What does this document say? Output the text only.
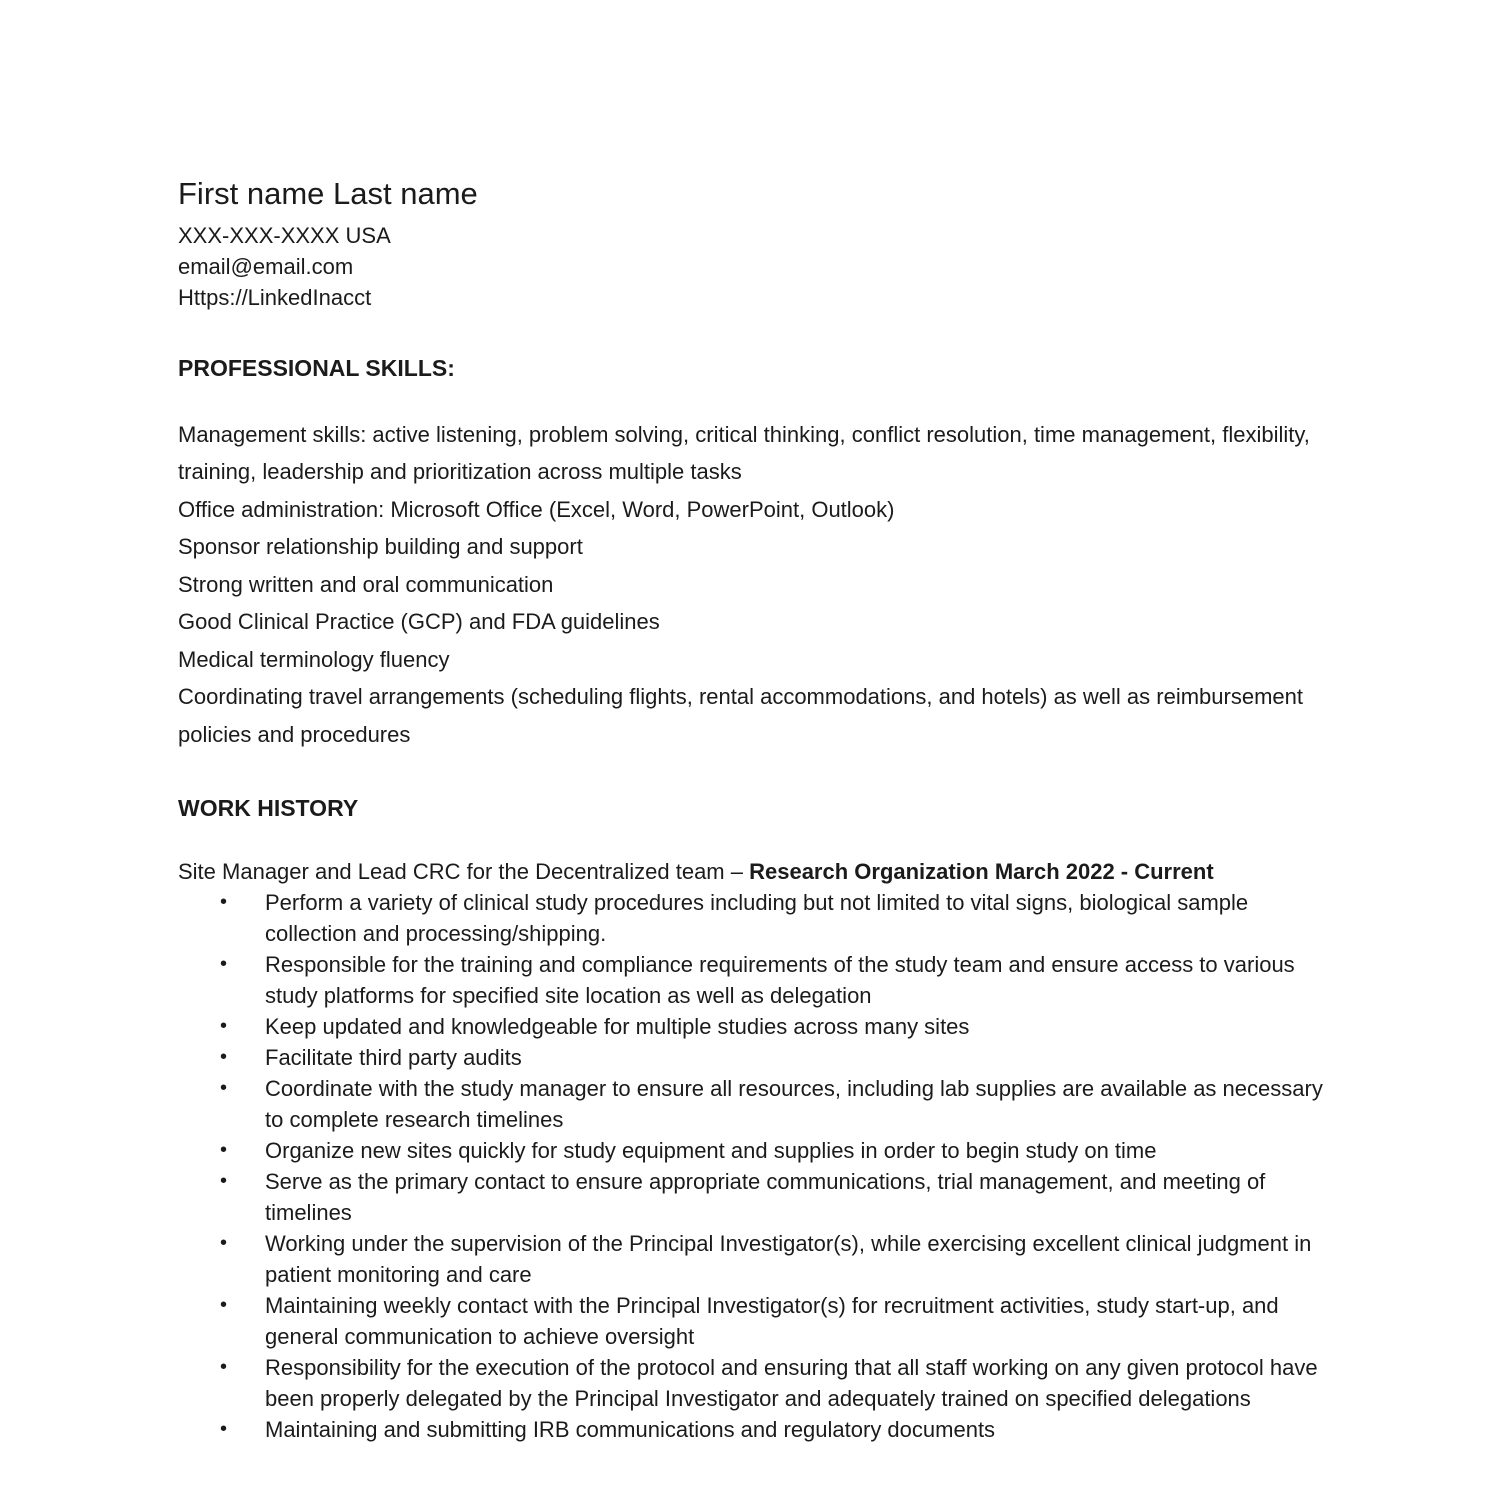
First name Last name
XXX-XXX-XXXX USA
email@email.com
Https://LinkedInacct
PROFESSIONAL SKILLS:
Management skills: active listening, problem solving, critical thinking, conflict resolution, time management, flexibility, training, leadership and prioritization across multiple tasks
Office administration: Microsoft Office (Excel, Word, PowerPoint, Outlook)
Sponsor relationship building and support
Strong written and oral communication
Good Clinical Practice (GCP) and FDA guidelines
Medical terminology fluency
Coordinating travel arrangements (scheduling flights, rental accommodations, and hotels) as well as reimbursement policies and procedures
WORK HISTORY

Site Manager and Lead CRC for the Decentralized team – Research Organization March 2022 - Current

• Perform a variety of clinical study procedures including but not limited to vital signs, biological sample collection and processing/shipping.
• Responsible for the training and compliance requirements of the study team and ensure access to various study platforms for specified site location as well as delegation
• Keep updated and knowledgeable for multiple studies across many sites
• Facilitate third party audits
• Coordinate with the study manager to ensure all resources, including lab supplies are available as necessary to complete research timelines
• Organize new sites quickly for study equipment and supplies in order to begin study on time
• Serve as the primary contact to ensure appropriate communications, trial management, and meeting of timelines
• Working under the supervision of the Principal Investigator(s), while exercising excellent clinical judgment in patient monitoring and care
• Maintaining weekly contact with the Principal Investigator(s) for recruitment activities, study start-up, and general communication to achieve oversight
• Responsibility for the execution of the protocol and ensuring that all staff working on any given protocol have been properly delegated by the Principal Investigator and adequately trained on specified delegations
• Maintaining and submitting IRB communications and regulatory documents
